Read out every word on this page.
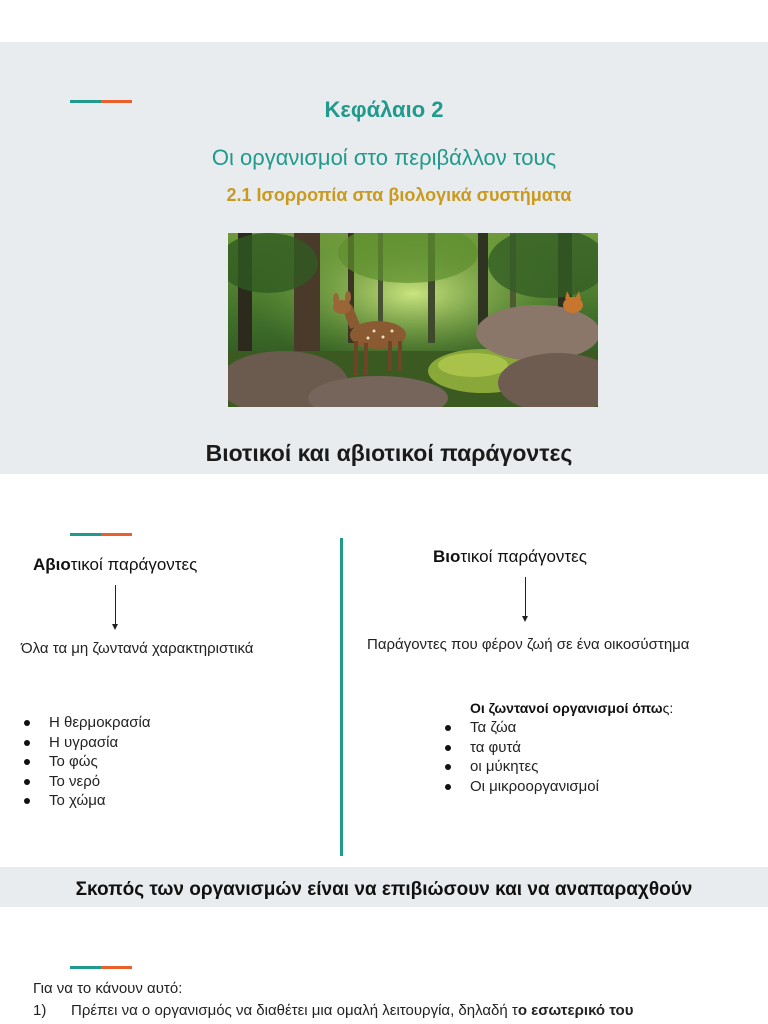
Κεφάλαιο 2
Οι οργανισμοί στο περιβάλλον τους
2.1 Ισορροπία στα βιολογικά συστήματα
Βιοτικοί και αβιοτικοί παράγοντες
Αβιοτικοί παράγοντες
Όλα τα μη ζωντανά χαρακτηριστικά
Η θερμοκρασία
Η υγρασία
Το φώς
Το νερό
Το χώμα
Βιοτικοί παράγοντες
Παράγοντες που φέρον ζωή σε ένα οικοσύστημα
Οι ζωντανοί οργανισμοί όπως:
Τα ζώα
τα φυτά
οι μύκητες
Οι μικροοργανισμοί
Σκοπός των οργανισμών είναι να επιβιώσουν και να αναπαραχθούν
Για να το κάνουν αυτό:
1) Πρέπει να ο οργανισμός να διαθέτει μια ομαλή λειτουργία, δηλαδή το εσωτερικό του
